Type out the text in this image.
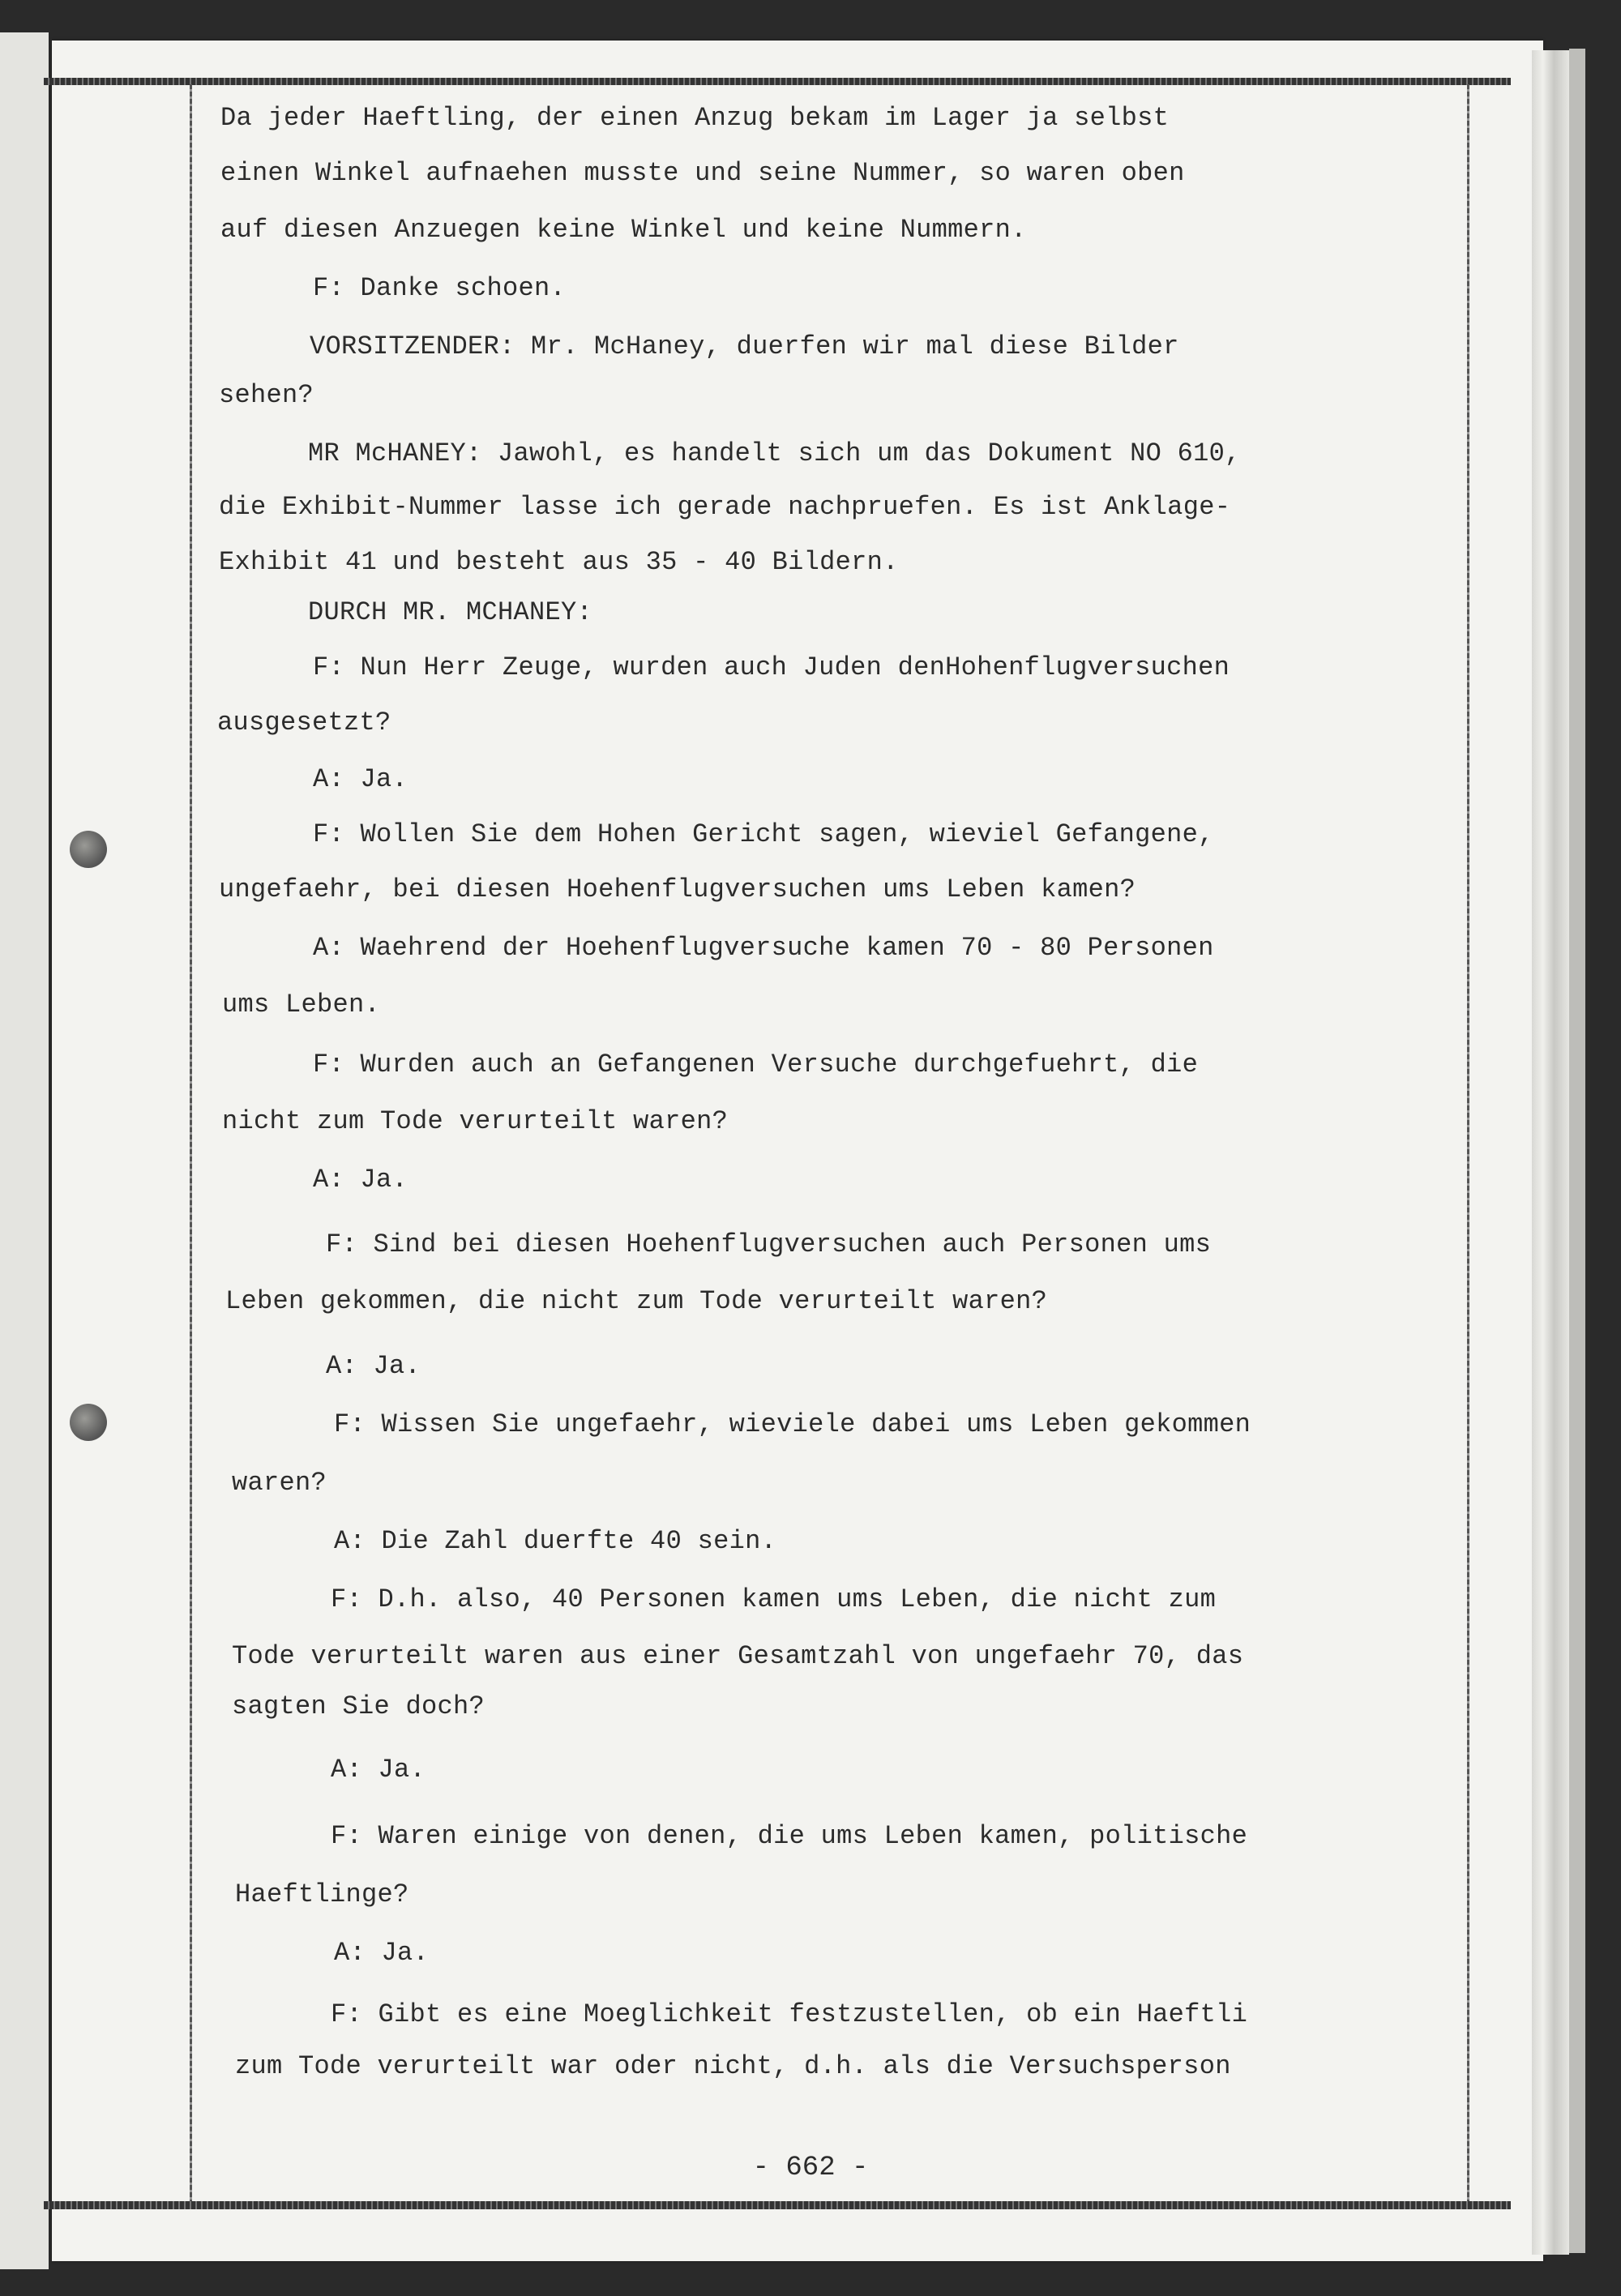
Da jeder Haeftling, der einen Anzug bekam im Lager ja selbst
einen Winkel aufnaehen musste und seine Nummer, so waren oben
auf diesen Anzuegen keine Winkel und keine Nummern.
F: Danke schoen.
VORSITZENDER: Mr. McHaney, duerfen wir mal diese Bilder
sehen?
MR McHANEY: Jawohl, es handelt sich um das Dokument NO 610,
die Exhibit-Nummer lasse ich gerade nachpruefen. Es ist Anklage-
Exhibit 41 und besteht aus 35 - 40 Bildern.
DURCH MR. MCHANEY:
F: Nun Herr Zeuge, wurden auch Juden denHohenflugversuchen
ausgesetzt?
A: Ja.
F: Wollen Sie dem Hohen Gericht sagen, wieviel Gefangene,
ungefaehr, bei diesen Hoehenflugversuchen ums Leben kamen?
A: Waehrend der Hoehenflugversuche kamen 70 - 80 Personen
ums Leben.
F: Wurden auch an Gefangenen Versuche durchgefuehrt, die
nicht zum Tode verurteilt waren?
A: Ja.
F: Sind bei diesen Hoehenflugversuchen auch Personen ums
Leben gekommen, die nicht zum Tode verurteilt waren?
A: Ja.
F: Wissen Sie ungefaehr, wieviele dabei ums Leben gekommen
waren?
A: Die Zahl duerfte 40 sein.
F: D.h. also, 40 Personen kamen ums Leben, die nicht zum
Tode verurteilt waren aus einer Gesamtzahl von ungefaehr 70, das
sagten Sie doch?
A: Ja.
F: Waren einige von denen, die ums Leben kamen, politische
Haeftlinge?
A: Ja.
F: Gibt es eine Moeglichkeit festzustellen, ob ein Haeftli
zum Tode verurteilt war oder nicht, d.h. als die Versuchsperson
- 662 -
